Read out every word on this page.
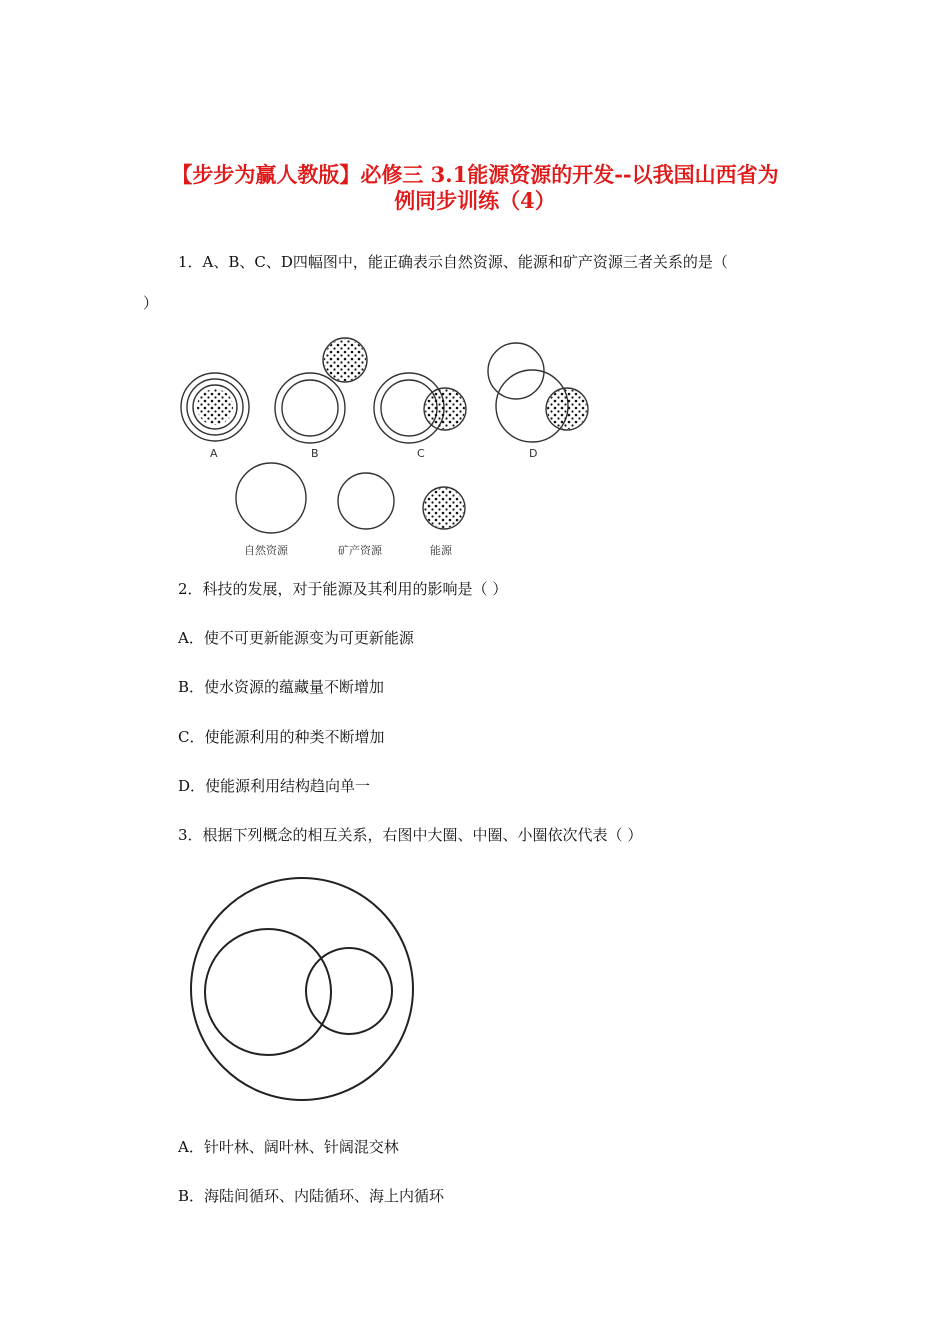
【步步为赢人教版】必修三 3.1能源资源的开发--以我国山西省为
例同步训练（4）
1．A、B、C、D四幅图中，能正确表示自然资源、能源和矿产资源三者关系的是（
）
A	B	C	D
自然资源	矿产资源	能源
2．科技的发展，对于能源及其利用的影响是（ ）
A．使不可更新能源变为可更新能源
B．使水资源的蕴藏量不断增加
C．使能源利用的种类不断增加
D．使能源利用结构趋向单一
3．根据下列概念的相互关系，右图中大圈、中圈、小圈依次代表（ ）
A．针叶林、阔叶林、针阔混交林
B．海陆间循环、内陆循环、海上内循环
